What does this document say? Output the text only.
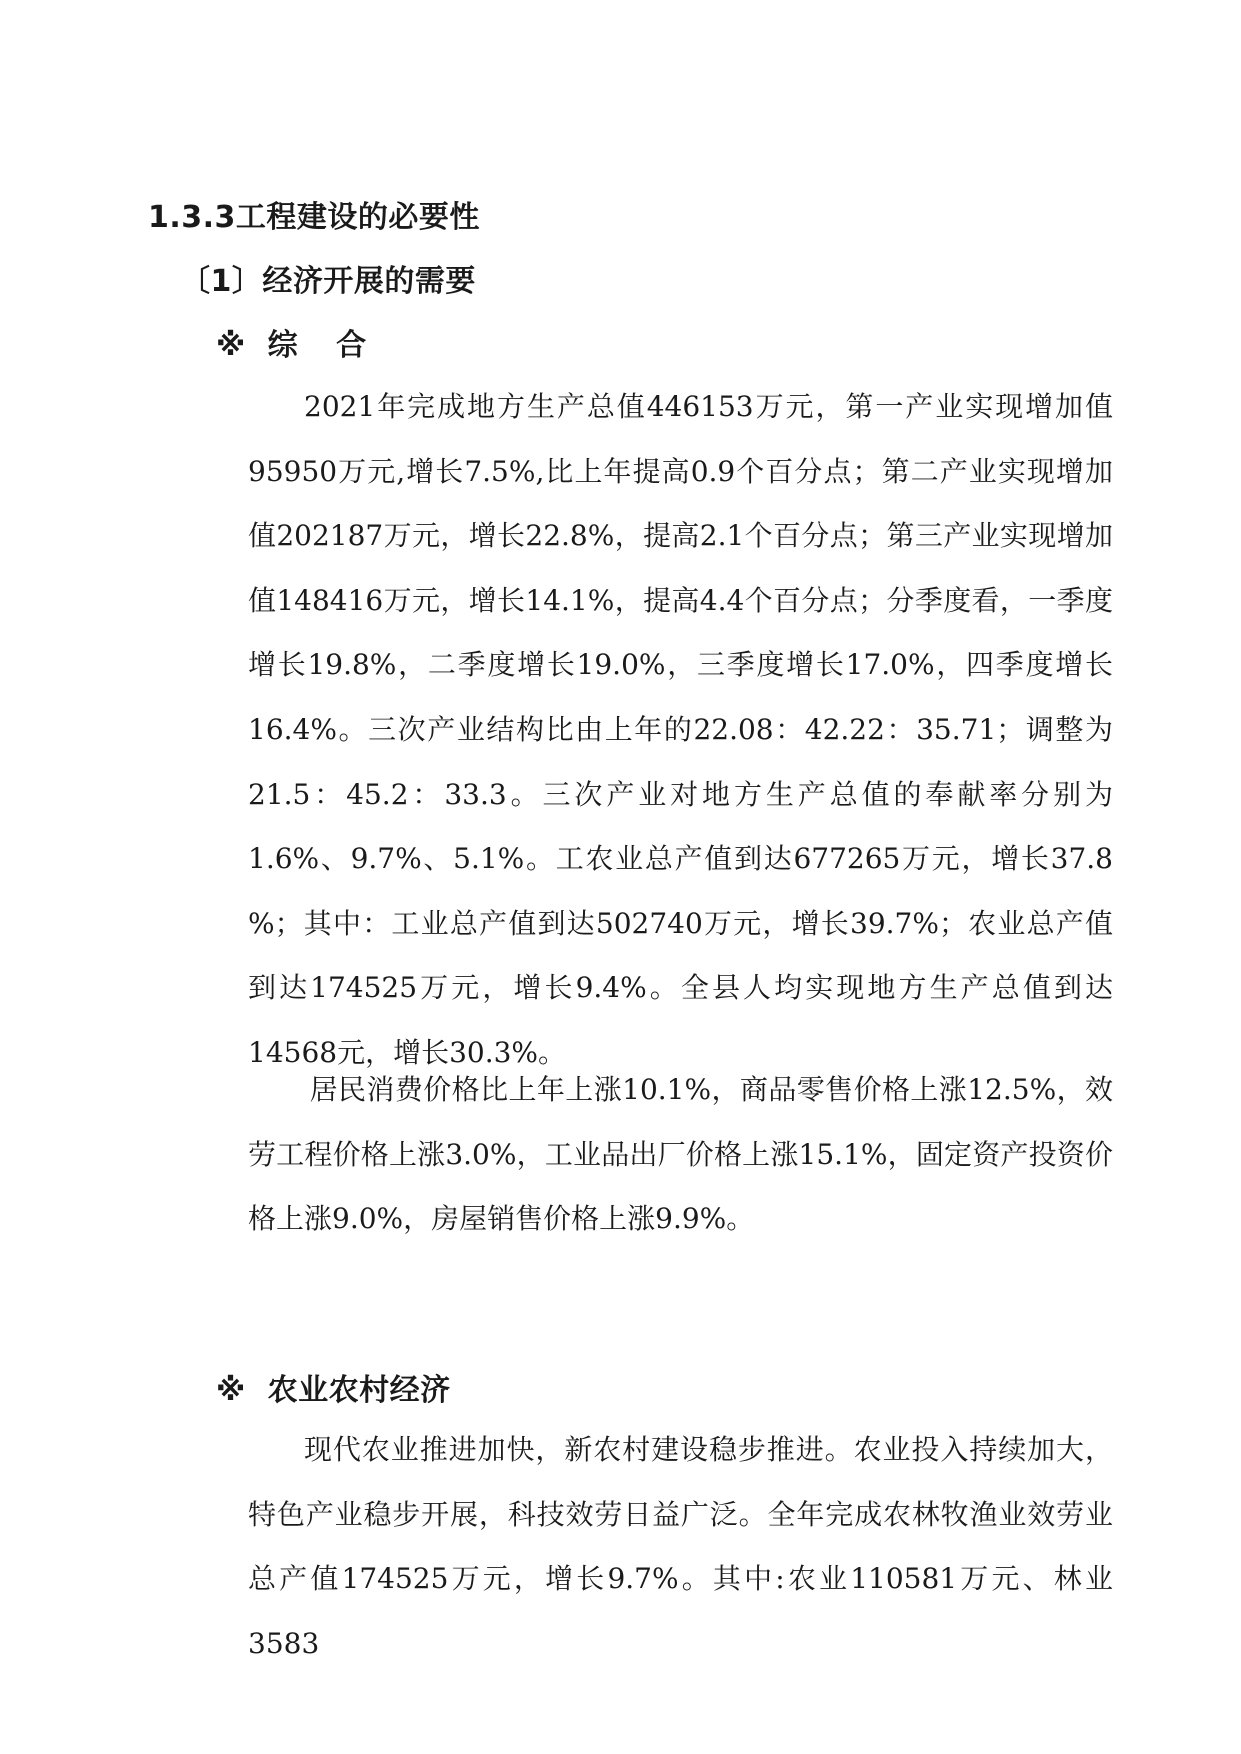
1.3.3工程建设的必要性
〔1〕经济开展的需要
※ 综 合

2021年完成地方生产总值446153万元，第一产业实现增加值95950万元,增长7.5%,比上年提高0.9个百分点；第二产业实现增加值202187万元，增长22.8%，提高2.1个百分点；第三产业实现增加值148416万元，增长14.1%，提高4.4个百分点；分季度看，一季度增长19.8%，二季度增长19.0%，三季度增长17.0%，四季度增长16.4%。三次产业结构比由上年的22.08：42.22：35.71；调整为21.5：45.2：33.3。三次产业对地方生产总值的奉献率分别为1.6%、9.7%、5.1%。工农业总产值到达677265万元，增长37.8 %；其中：工业总产值到达502740万元，增长39.7%；农业总产值到达174525万元，增长9.4%。全县人均实现地方生产总值到达14568元，增长30.3%。

居民消费价格比上年上涨10.1%，商品零售价格上涨12.5%，效劳工程价格上涨3.0%，工业品出厂价格上涨15.1%，固定资产投资价格上涨9.0%，房屋销售价格上涨9.9%。

※ 农业农村经济

现代农业推进加快，新农村建设稳步推进。农业投入持续加大，特色产业稳步开展，科技效劳日益广泛。全年完成农林牧渔业效劳业总产值174525万元，增长9.7%。其中:农业110581万元、林业3583
